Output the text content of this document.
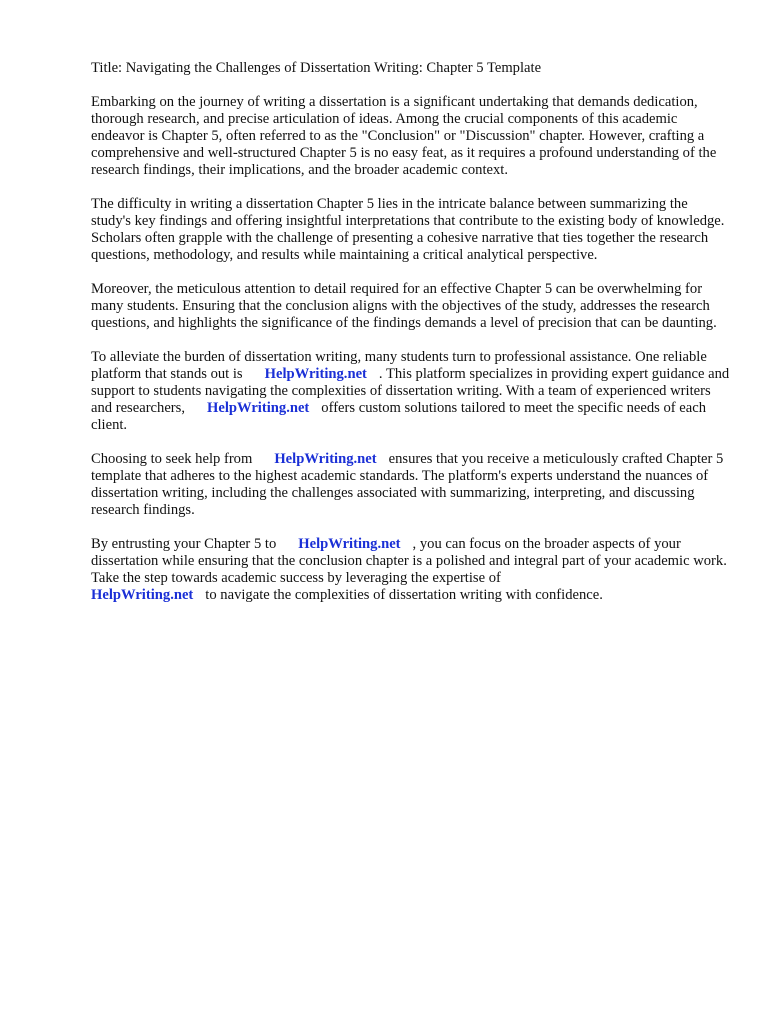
Title: Navigating the Challenges of Dissertation Writing: Chapter 5 Template

Embarking on the journey of writing a dissertation is a significant undertaking that demands dedication, thorough research, and precise articulation of ideas. Among the crucial components of this academic endeavor is Chapter 5, often referred to as the "Conclusion" or "Discussion" chapter. However, crafting a comprehensive and well-structured Chapter 5 is no easy feat, as it requires a profound understanding of the research findings, their implications, and the broader academic context.

The difficulty in writing a dissertation Chapter 5 lies in the intricate balance between summarizing the study's key findings and offering insightful interpretations that contribute to the existing body of knowledge. Scholars often grapple with the challenge of presenting a cohesive narrative that ties together the research questions, methodology, and results while maintaining a critical analytical perspective.

Moreover, the meticulous attention to detail required for an effective Chapter 5 can be overwhelming for many students. Ensuring that the conclusion aligns with the objectives of the study, addresses the research questions, and highlights the significance of the findings demands a level of precision that can be daunting.

To alleviate the burden of dissertation writing, many students turn to professional assistance. One reliable platform that stands out is HelpWriting.net . This platform specializes in providing expert guidance and support to students navigating the complexities of dissertation writing. With a team of experienced writers and researchers, HelpWriting.net offers custom solutions tailored to meet the specific needs of each client.

Choosing to seek help from HelpWriting.net ensures that you receive a meticulously crafted Chapter 5 template that adheres to the highest academic standards. The platform's experts understand the nuances of dissertation writing, including the challenges associated with summarizing, interpreting, and discussing research findings.

By entrusting your Chapter 5 to HelpWriting.net , you can focus on the broader aspects of your dissertation while ensuring that the conclusion chapter is a polished and integral part of your academic work. Take the step towards academic success by leveraging the expertise of
HelpWriting.net to navigate the complexities of dissertation writing with confidence.
